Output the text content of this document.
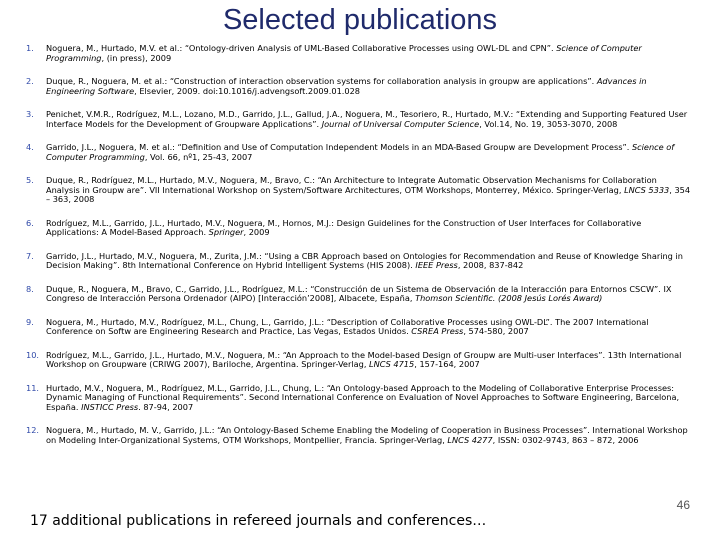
Selected publications
1.	Noguera, M., Hurtado, M.V. et al.: “Ontology-driven Analysis of UML-Based Collaborative Processes using OWL-DL and CPN”. Science of Computer Programming, (in press), 2009
2.	Duque, R., Noguera, M. et al.: “Construction of interaction observation systems for collaboration analysis in groupw are applications”. Advances in Engineering Software, Elsevier, 2009. doi:10.1016/j.advengsoft.2009.01.028
3.	Penichet, V.M.R., Rodríguez, M.L., Lozano, M.D., Garrido, J.L., Gallud, J.A., Noguera, M., Tesoriero, R., Hurtado, M.V.: “Extending and Supporting Featured User Interface Models for the Development of Groupware Applications”. Journal of Universal Computer Science, Vol.14, No. 19, 3053-3070, 2008
4.	Garrido, J.L., Noguera, M. et al.: “Definition and Use of Computation Independent Models in an MDA-Based Groupw are Development Process”. Science of Computer Programming, Vol. 66, nº1, 25-43, 2007
5.	Duque, R., Rodríguez, M.L., Hurtado, M.V., Noguera, M., Bravo, C.: “An Architecture to Integrate Automatic Observation Mechanisms for Collaboration Analysis in Groupw are”. VII International Workshop on System/Software Architectures, OTM Workshops, Monterrey, México. Springer-Verlag, LNCS 5333, 354 – 363, 2008
6.	Rodríguez, M.L., Garrido, J.L., Hurtado, M.V., Noguera, M., Hornos, M.J.: Design Guidelines for the Construction of User Interfaces for Collaborative Applications: A Model-Based Approach. Springer, 2009
7.	Garrido, J.L., Hurtado, M.V., Noguera, M., Zurita, J.M.: “Using a CBR Approach based on Ontologies for Recommendation and Reuse of Knowledge Sharing in Decision Making”. 8th International Conference on Hybrid Intelligent Systems (HIS 2008). IEEE Press, 2008, 837-842
8.	Duque, R., Noguera, M., Bravo, C., Garrido, J.L., Rodríguez, M.L.: “Construcción de un Sistema de Observación de la Interacción para Entornos CSCW”. IX Congreso de Interacción Persona Ordenador (AIPO) [Interacción’2008], Albacete, España, Thomson Scientific. (2008 Jesús Lorés Award)
9.	Noguera, M., Hurtado, M.V., Rodríguez, M.L., Chung, L., Garrido, J.L.: “Description of Collaborative Processes using OWL-DL”. The 2007 International Conference on Softw are Engineering Research and Practice, Las Vegas, Estados Unidos. CSREA Press, 574-580, 2007
10. Rodríguez, M.L., Garrido, J.L., Hurtado, M.V., Noguera, M.: “An Approach to the Model-based Design of Groupw are Multi-user Interfaces”. 13th International Workshop on Groupware (CRIWG 2007), Bariloche, Argentina. Springer-Verlag, LNCS 4715, 157-164, 2007
11. Hurtado, M.V., Noguera, M., Rodríguez, M.L., Garrido, J.L., Chung, L.: “An Ontology-based Approach to the Modeling of Collaborative Enterprise Processes: Dynamic Managing of Functional Requirements”. Second International Conference on Evaluation of Novel Approaches to Software Engineering, Barcelona, España. INSTICC Press. 87-94, 2007
12. Noguera, M., Hurtado, M. V., Garrido, J.L.: “An Ontology-Based Scheme Enabling the Modeling of Cooperation in Business Processes”. International Workshop on Modeling Inter-Organizational Systems, OTM Workshops, Montpellier, Francia. Springer-Verlag, LNCS 4277, ISSN: 0302-9743, 863 – 872, 2006
46
17 additional publications in refereed journals and conferences…
